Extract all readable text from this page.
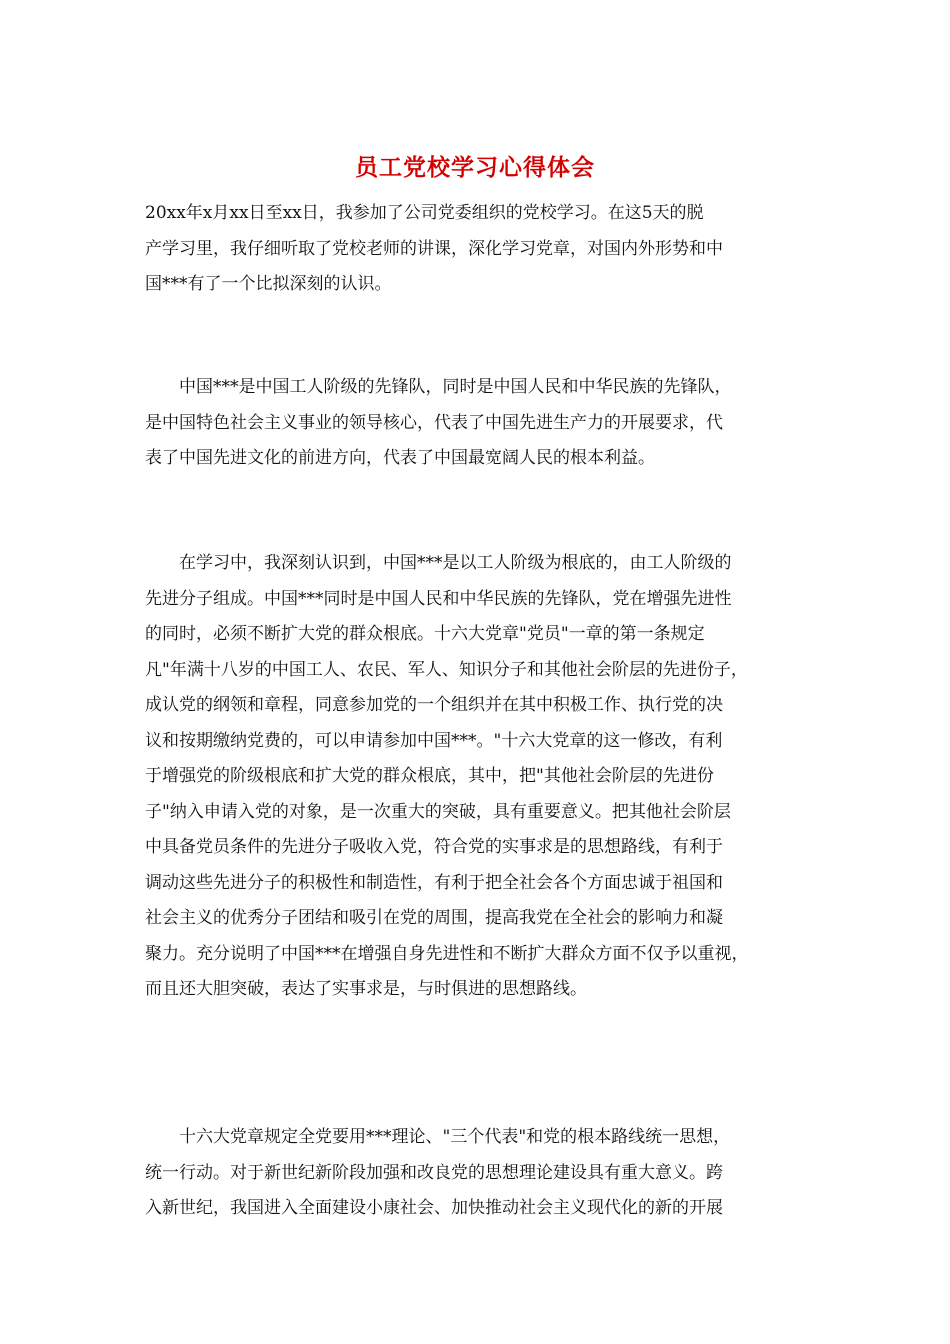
员工党校学习心得体会
20xx年x月xx日至xx日，我参加了公司党委组织的党校学习。在这5天的脱
产学习里，我仔细听取了党校老师的讲课，深化学习党章，对国内外形势和中
国***有了一个比拟深刻的认识。
　　中国***是中国工人阶级的先锋队，同时是中国人民和中华民族的先锋队，
是中国特色社会主义事业的领导核心，代表了中国先进生产力的开展要求，代
表了中国先进文化的前进方向，代表了中国最宽阔人民的根本利益。
　　在学习中，我深刻认识到，中国***是以工人阶级为根底的，由工人阶级的
先进分子组成。中国***同时是中国人民和中华民族的先锋队，党在增强先进性
的同时，必须不断扩大党的群众根底。十六大党章"党员"一章的第一条规定
凡"年满十八岁的中国工人、农民、军人、知识分子和其他社会阶层的先进份子，
成认党的纲领和章程，同意参加党的一个组织并在其中积极工作、执行党的决
议和按期缴纳党费的，可以申请参加中国***。"十六大党章的这一修改，有利
于增强党的阶级根底和扩大党的群众根底，其中，把"其他社会阶层的先进份
子"纳入申请入党的对象，是一次重大的突破，具有重要意义。把其他社会阶层
中具备党员条件的先进分子吸收入党，符合党的实事求是的思想路线，有利于
调动这些先进分子的积极性和制造性，有利于把全社会各个方面忠诚于祖国和
社会主义的优秀分子团结和吸引在党的周围，提高我党在全社会的影响力和凝
聚力。充分说明了中国***在增强自身先进性和不断扩大群众方面不仅予以重视，
而且还大胆突破，表达了实事求是，与时俱进的思想路线。
　　十六大党章规定全党要用***理论、"三个代表"和党的根本路线统一思想，
统一行动。对于新世纪新阶段加强和改良党的思想理论建设具有重大意义。跨
入新世纪，我国进入全面建设小康社会、加快推动社会主义现代化的新的开展
